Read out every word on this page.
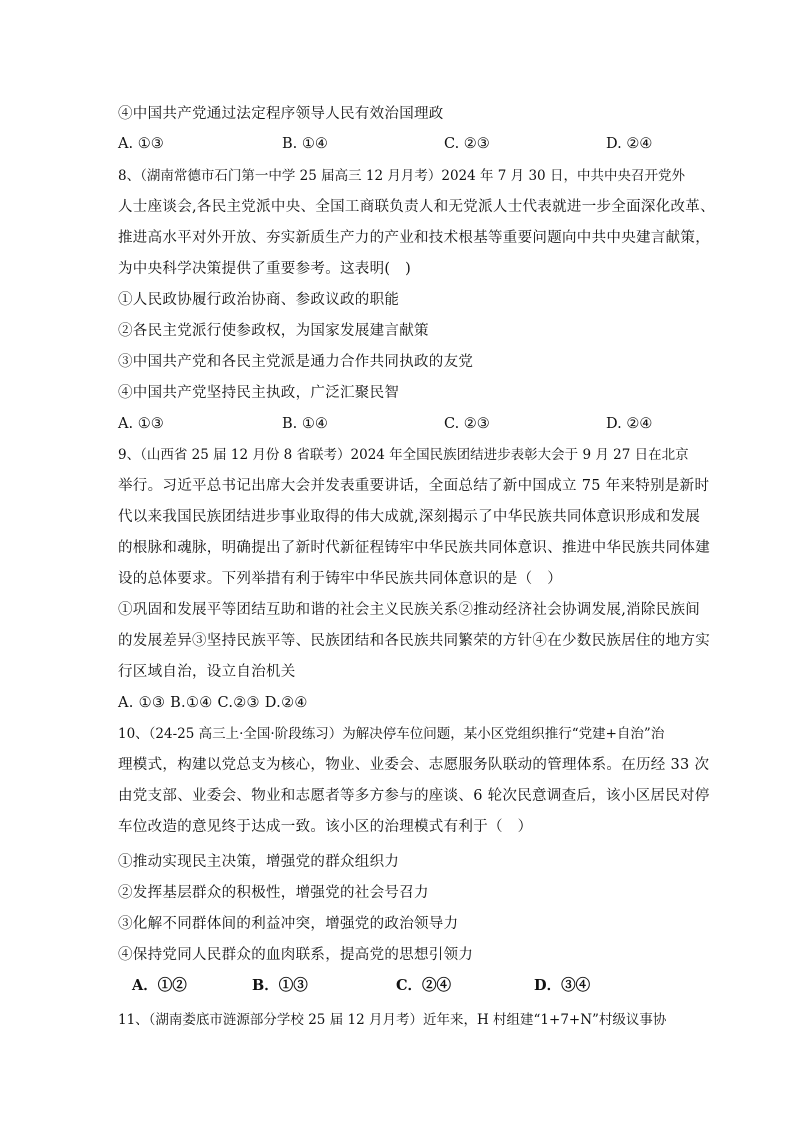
④中国共产党通过法定程序领导人民有效治国理政
A. ①③	B. ①④	C. ②③	D. ②④
8、（湖南常德市石门第一中学 25 届高三 12 月月考）2024 年 7 月 30 日，中共中央召开党外
人士座谈会,各民主党派中央、全国工商联负责人和无党派人士代表就进一步全面深化改革、
推进高水平对外开放、夯实新质生产力的产业和技术根基等重要问题向中共中央建言献策，
为中央科学决策提供了重要参考。这表明(　)
①人民政协履行政治协商、参政议政的职能
②各民主党派行使参政权，为国家发展建言献策
③中国共产党和各民主党派是通力合作共同执政的友党
④中国共产党坚持民主执政，广泛汇聚民智
A. ①③	B. ①④	C. ②③	D. ②④
9、（山西省 25 届 12 月份 8 省联考）2024 年全国民族团结进步表彰大会于 9 月 27 日在北京
举行。习近平总书记出席大会并发表重要讲话，全面总结了新中国成立 75 年来特别是新时
代以来我国民族团结进步事业取得的伟大成就,深刻揭示了中华民族共同体意识形成和发展
的根脉和魂脉，明确提出了新时代新征程铸牢中华民族共同体意识、推进中华民族共同体建
设的总体要求。下列举措有利于铸牢中华民族共同体意识的是（　）
①巩固和发展平等团结互助和谐的社会主义民族关系②推动经济社会协调发展,消除民族间
的发展差异③坚持民族平等、民族团结和各民族共同繁荣的方针④在少数民族居住的地方实
行区域自治，设立自治机关
A. ①③ B.①④ C.②③ D.②④
10、（24-25 高三上·全国·阶段练习）为解决停车位问题，某小区党组织推行“党建+自治”治
理模式，构建以党总支为核心，物业、业委会、志愿服务队联动的管理体系。在历经 33 次
由党支部、业委会、物业和志愿者等多方参与的座谈、6 轮次民意调查后，该小区居民对停
车位改造的意见终于达成一致。该小区的治理模式有利于（　）
①推动实现民主决策，增强党的群众组织力
②发挥基层群众的积极性，增强党的社会号召力
③化解不同群体间的利益冲突，增强党的政治领导力
④保持党同人民群众的血肉联系，提高党的思想引领力
A．①②	B．①③	C．②④	D．③④
11、（湖南娄底市涟源部分学校 25 届 12 月月考）近年来，H 村组建“1+7+N”村级议事协
